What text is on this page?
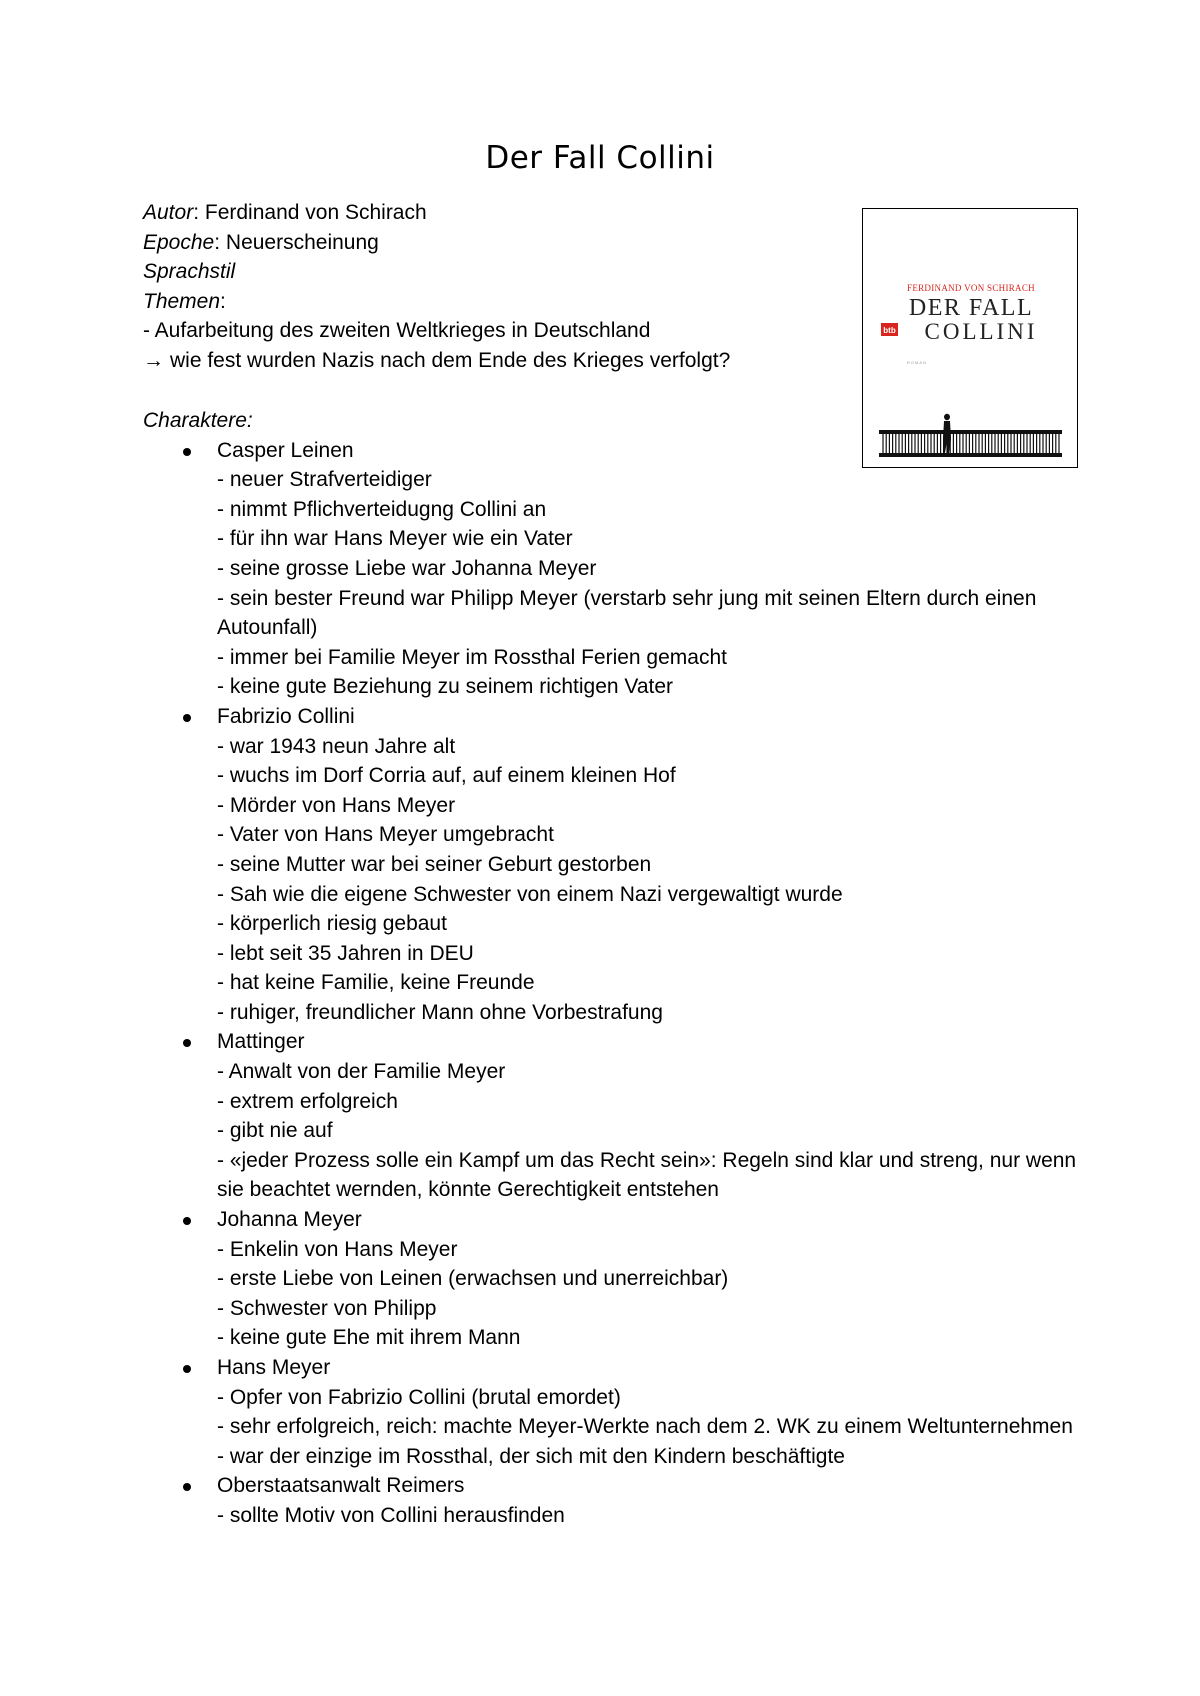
Der Fall Collini
Autor: Ferdinand von Schirach
Epoche: Neuerscheinung
Sprachstil
Themen:
- Aufarbeitung des zweiten Weltkrieges in Deutschland
→ wie fest wurden Nazis nach dem Ende des Krieges verfolgt?
FERDINAND VON SCHIRACH
DER FALL
btb COLLINI
ROMAN
Charaktere:
Casper Leinen
- neuer Strafverteidiger
- nimmt Pflichverteidugng Collini an
- für ihn war Hans Meyer wie ein Vater
- seine grosse Liebe war Johanna Meyer
- sein bester Freund war Philipp Meyer (verstarb sehr jung mit seinen Eltern durch einen Autounfall)
- immer bei Familie Meyer im Rossthal Ferien gemacht
- keine gute Beziehung zu seinem richtigen Vater
Fabrizio Collini
- war 1943 neun Jahre alt
- wuchs im Dorf Corria auf, auf einem kleinen Hof
- Mörder von Hans Meyer
- Vater von Hans Meyer umgebracht
- seine Mutter war bei seiner Geburt gestorben
- Sah wie die eigene Schwester von einem Nazi vergewaltigt wurde
- körperlich riesig gebaut
- lebt seit 35 Jahren in DEU
- hat keine Familie, keine Freunde
- ruhiger, freundlicher Mann ohne Vorbestrafung
Mattinger
- Anwalt von der Familie Meyer
- extrem erfolgreich
- gibt nie auf
- «jeder Prozess solle ein Kampf um das Recht sein»: Regeln sind klar und streng, nur wenn sie beachtet wernden, könnte Gerechtigkeit entstehen
Johanna Meyer
- Enkelin von Hans Meyer
- erste Liebe von Leinen (erwachsen und unerreichbar)
- Schwester von Philipp
- keine gute Ehe mit ihrem Mann
Hans Meyer
- Opfer von Fabrizio Collini (brutal emordet)
- sehr erfolgreich, reich: machte Meyer-Werkte nach dem 2. WK zu einem Weltunternehmen
- war der einzige im Rossthal, der sich mit den Kindern beschäftigte
Oberstaatsanwalt Reimers
- sollte Motiv von Collini herausfinden
